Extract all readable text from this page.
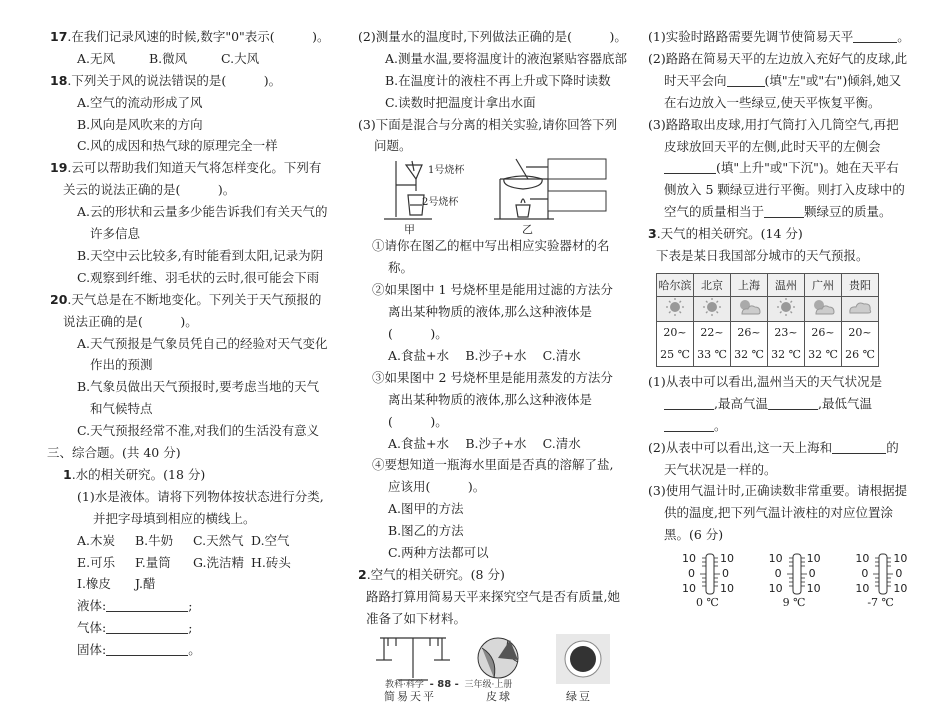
17.在我们记录风速的时候,数字"0"表示(　　　)。
A.无风	B.微风	C.大风
18.下列关于风的说法错误的是(　　　)。
A.空气的流动形成了风
B.风向是风吹来的方向
C.风的成因和热气球的原理完全一样
19.云可以帮助我们知道天气将怎样变化。下列有关云的说法正确的是(　　　)。
A.云的形状和云量多少能告诉我们有关天气的许多信息
B.天空中云比较多,有时能看到太阳,记录为阴
C.观察到纤维、羽毛状的云时,很可能会下雨
20.天气总是在不断地变化。下列关于天气预报的说法正确的是(　　　)。
A.天气预报是气象员凭自己的经验对天气变化作出的预测
B.气象员做出天气预报时,要考虑当地的天气和气候特点
C.天气预报经常不准,对我们的生活没有意义
三、综合题。(共 40 分)
1.水的相关研究。(18 分)
(1)水是液体。请将下列物体按状态进行分类,并把字母填到相应的横线上。
A.木炭	B.牛奶	C.天然气 D.空气
E.可乐	F.量筒	G.洗洁精 H.砖头
I.橡皮	J.醋
液体:	;
气体:	;
固体:	。
(2)测量水的温度时,下列做法正确的是(　　　)。
A.测量水温,要将温度计的液泡紧贴容器底部
B.在温度计的液柱不再上升或下降时读数
C.读数时把温度计拿出水面
(3)下面是混合与分离的相关实验,请你回答下列问题。
1号烧杯
2号烧杯
甲	乙
①请你在图乙的框中写出相应实验器材的名称。
②如果图中 1 号烧杯里是能用过滤的方法分离出某种物质的液体,那么这种液体是(　　　)。
A.食盐+水	B.沙子+水	C.清水
③如果图中 2 号烧杯里是能用蒸发的方法分离出某种物质的液体,那么这种液体是(　　　)。
A.食盐+水	B.沙子+水	C.清水
④要想知道一瓶海水里面是否真的溶解了盐,应该用(　　　)。
A.图甲的方法
B.图乙的方法
C.两种方法都可以
2.空气的相关研究。(8 分)
路路打算用简易天平来探究空气是否有质量,她准备了如下材料。
简易天平	皮球	绿豆
(1)实验时路路需要先调节使简易天平	。
(2)路路在简易天平的左边放入充好气的皮球,此时天平会向	(填"左"或"右")倾斜,她又在右边放入一些绿豆,使天平恢复平衡。
(3)路路取出皮球,用打气筒打入几筒空气,再把皮球放回天平的左侧,此时天平的左侧会(填"上升"或"下沉")。她在天平右侧放入 5 颗绿豆进行平衡。则打入皮球中的空气的质量相当于	颗绿豆的质量。
3.天气的相关研究。(14 分)
下表是某日我国部分城市的天气预报。
哈尔滨	北京	上海	温州	广州	贵阳

20~	22~	26~	23~	26~	20~
25 ℃	33 ℃	32 ℃	32 ℃	32 ℃	26 ℃
(1)从表中可以看出,温州当天的天气状况是,最高气温	,最低气温。
(2)从表中可以看出,这一天上海和	的天气状况是一样的。
(3)使用气温计时,正确读数非常重要。请根据提供的温度,把下列气温计液柱的对应位置涂黑。(6 分)
10 10
0 0
10 10
0 ℃
10 10
0 0
10 10
9 ℃
10 10
0 0
10 10
-7 ℃
教科·科学 - 88 - 三年级·上册
